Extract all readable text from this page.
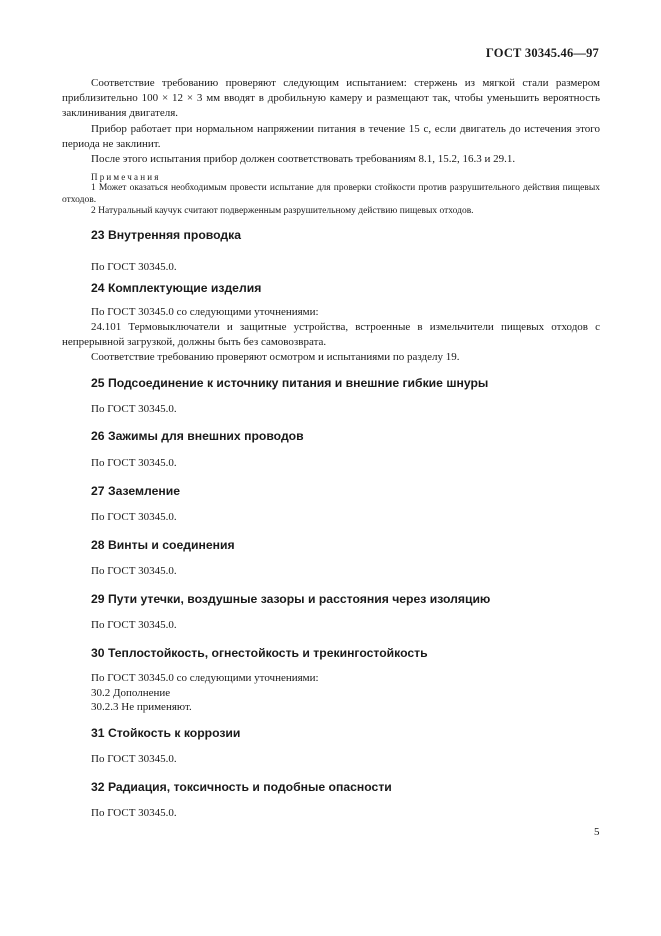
ГОСТ 30345.46—97

Соответствие требованию проверяют следующим испытанием: стержень из мягкой стали размером приблизительно 100 × 12 × 3 мм вводят в дробильную камеру и размещают так, чтобы уменьшить вероятность заклинивания двигателя.

Прибор работает при нормальном напряжении питания в течение 15 с, если двигатель до истечения этого периода не заклинит.

После этого испытания прибор должен соответствовать требованиям 8.1, 15.2, 16.3 и 29.1.

Примечания

1 Может оказаться необходимым провести испытание для проверки стойкости против разрушительного действия пищевых отходов.

2 Натуральный каучук считают подверженным разрушительному действию пищевых отходов.

23 Внутренняя проводка

По ГОСТ 30345.0.

24 Комплектующие изделия

По ГОСТ 30345.0 со следующими уточнениями:

24.101 Термовыключатели и защитные устройства, встроенные в измельчители пищевых отходов с непрерывной загрузкой, должны быть без самовозврата.

Соответствие требованию проверяют осмотром и испытаниями по разделу 19.

25 Подсоединение к источнику питания и внешние гибкие шнуры

По ГОСТ 30345.0.

26 Зажимы для внешних проводов

По ГОСТ 30345.0.

27 Заземление

По ГОСТ 30345.0.

28 Винты и соединения

По ГОСТ 30345.0.

29 Пути утечки, воздушные зазоры и расстояния через изоляцию

По ГОСТ 30345.0.

30 Теплостойкость, огнестойкость и трекингостойкость

По ГОСТ 30345.0 со следующими уточнениями:
30.2 Дополнение
30.2.3 Не применяют.

31 Стойкость к коррозии

По ГОСТ 30345.0.

32 Радиация, токсичность и подобные опасности

По ГОСТ 30345.0.

5
